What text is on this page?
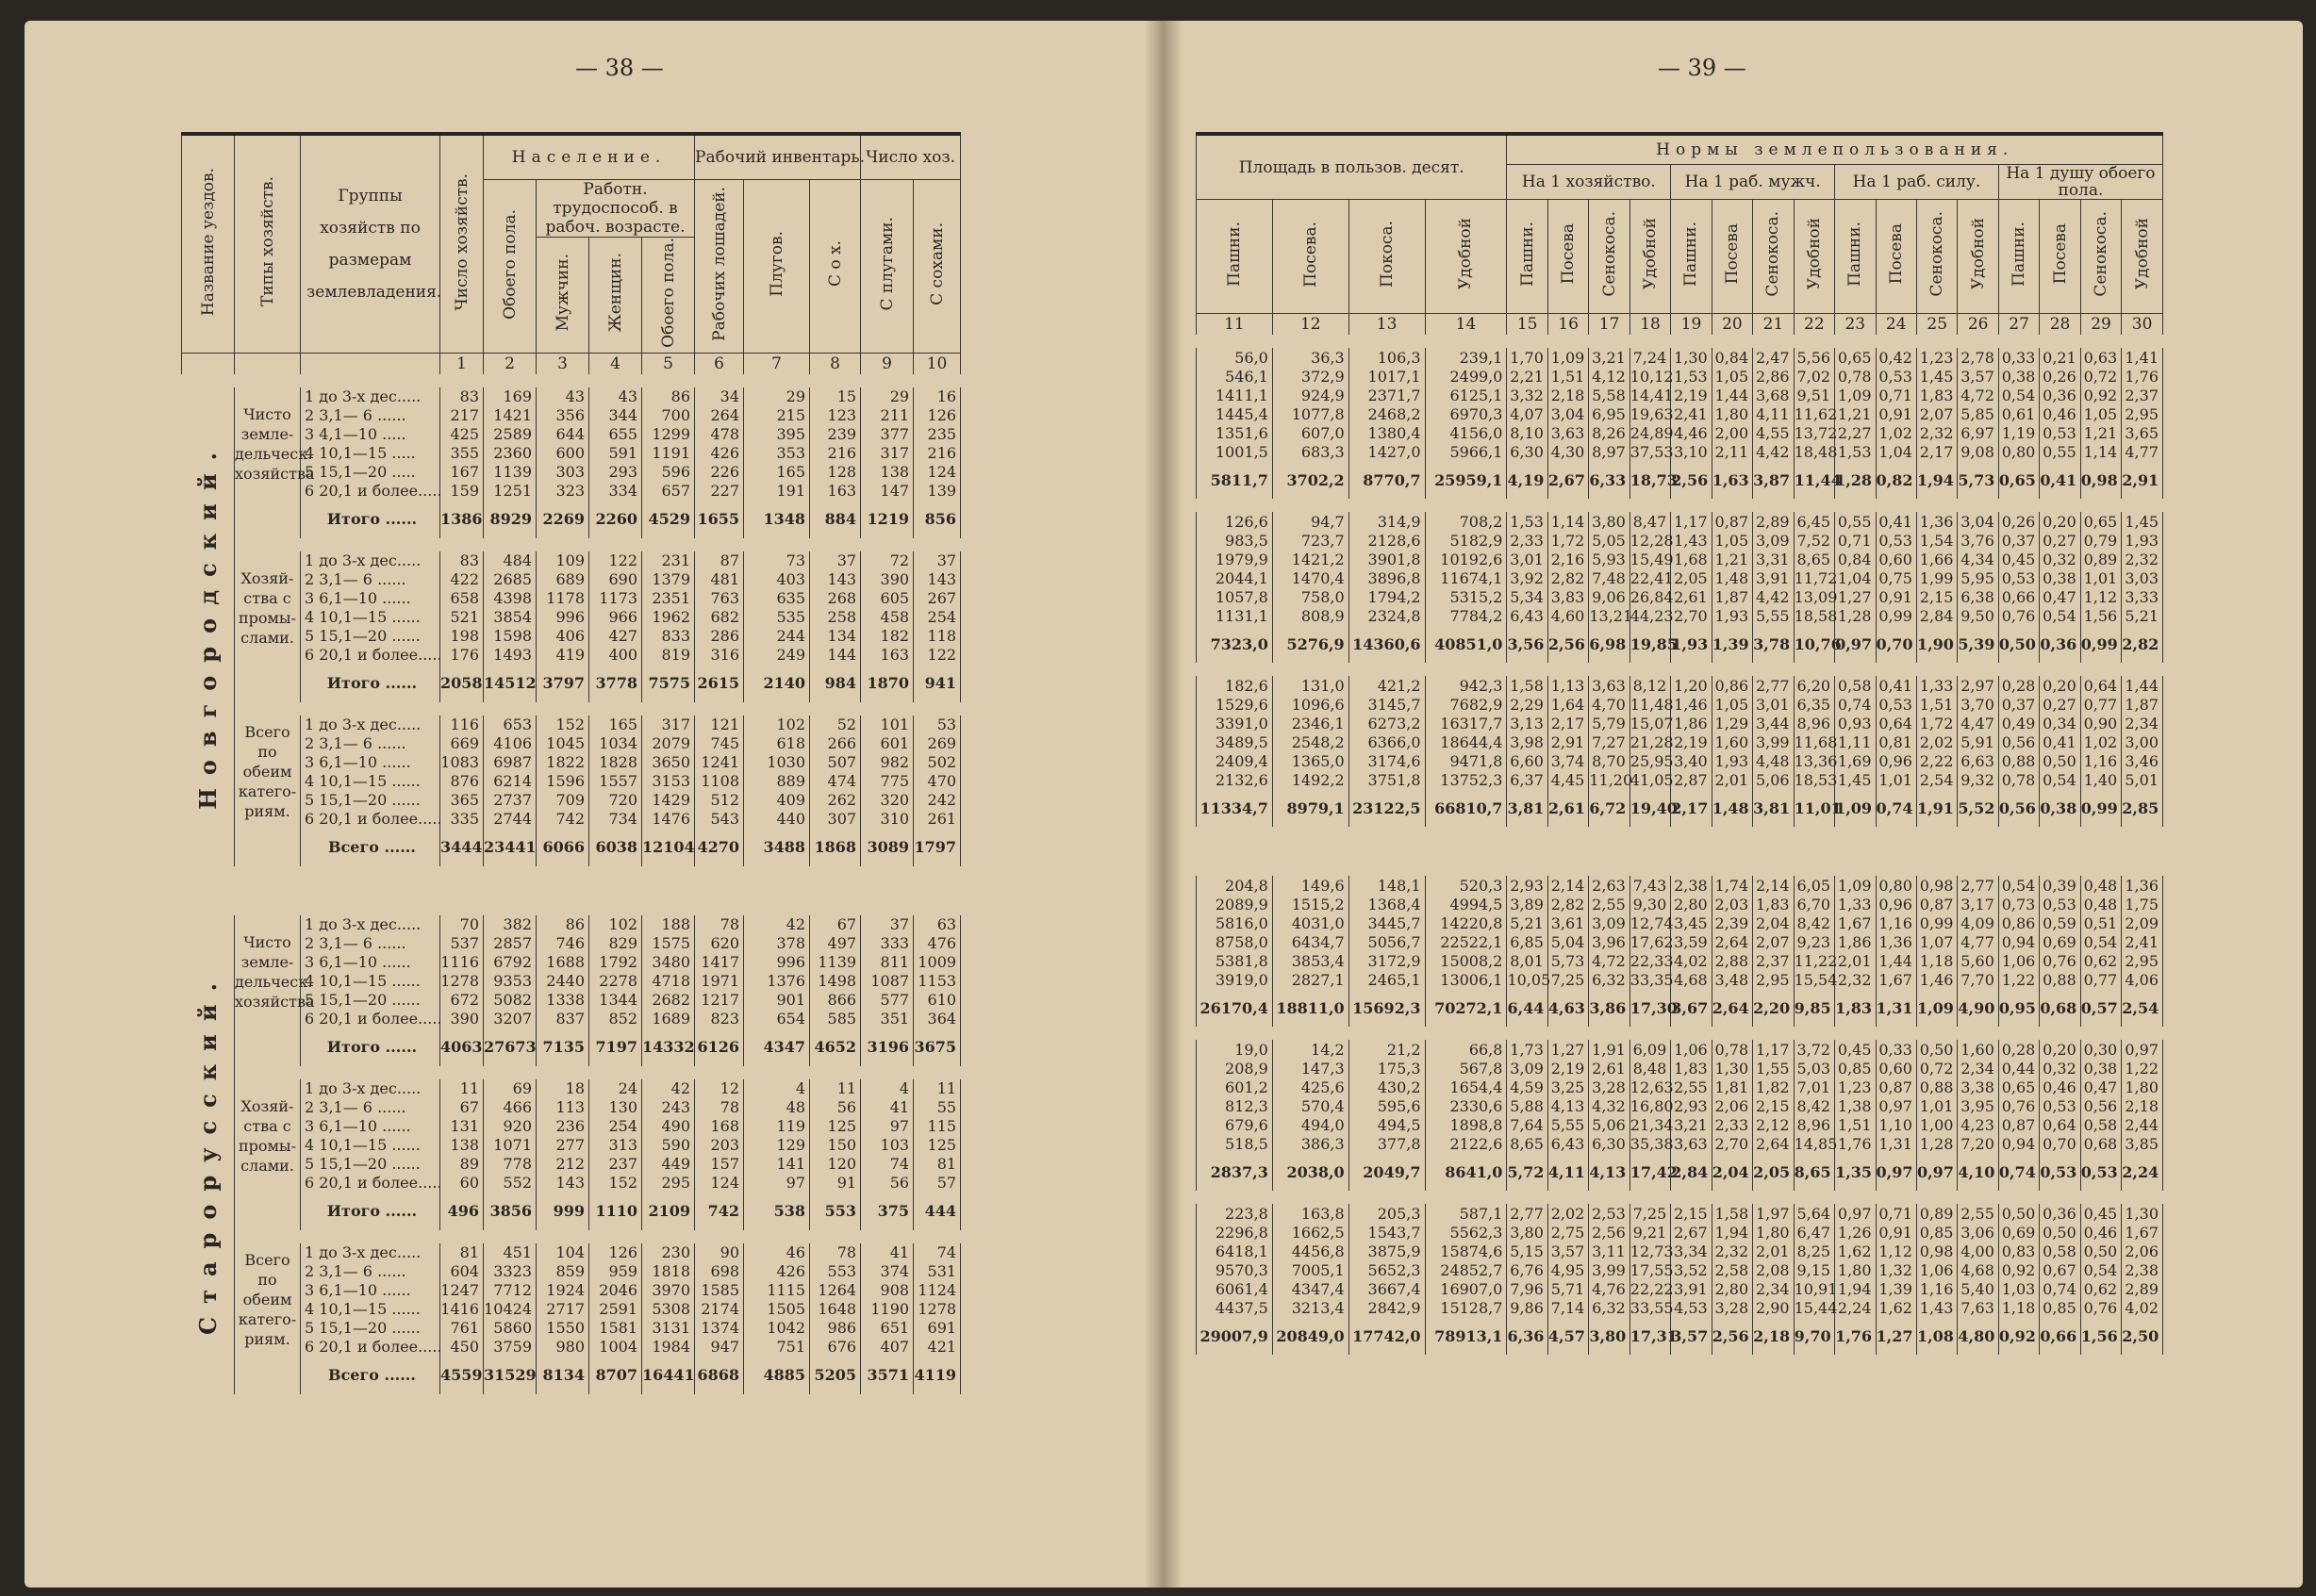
— 38 —	— 39 —
Название уездов.	Типы хозяйств.	Группы хозяйств по размерам землевладения.	Число хозяйств.	Население.				Рабочий инвентарь.			Число хоз.	
				Обоего пола.	Работн. трудоспособ. в рабоч. возрасте.			Рабочих лошадей.	Плугов.	С о х.	С плугами.	С сохами.
					Мужчин.	Женщин.	Обоего пола.					
			1	2	3	4	5	6	7	8	9	10

Новгородский.	Чисто земле-дельческ. хозяйства	1 до 3-х дес.....	83	169	43	43	86	34	29	15	29	16
		2 3,1— 6 ......	217	1421	356	344	700	264	215	123	211	126
		3 4,1—10 .....	425	2589	644	655	1299	478	395	239	377	235
		4 10,1—15 .....	355	2360	600	591	1191	426	353	216	317	216
		5 15,1—20 .....	167	1139	303	293	596	226	165	128	138	124
		6 20,1 и более.....	159	1251	323	334	657	227	191	163	147	139
		Итого ......	1386	8929	2269	2260	4529	1655	1348	884	1219	856

	Хозяй-ства с промы-слами.	1 до 3-х дес.....	83	484	109	122	231	87	73	37	72	37
		2 3,1— 6 ......	422	2685	689	690	1379	481	403	143	390	143
		3 6,1—10 ......	658	4398	1178	1173	2351	763	635	268	605	267
		4 10,1—15 ......	521	3854	996	966	1962	682	535	258	458	254
		5 15,1—20 ......	198	1598	406	427	833	286	244	134	182	118
		6 20,1 и более.....	176	1493	419	400	819	316	249	144	163	122
		Итого ......	2058	14512	3797	3778	7575	2615	2140	984	1870	941

	Всего по обеим катего-риям.	1 до 3-х дес.....	116	653	152	165	317	121	102	52	101	53
		2 3,1— 6 ......	669	4106	1045	1034	2079	745	618	266	601	269
		3 6,1—10 ......	1083	6987	1822	1828	3650	1241	1030	507	982	502
		4 10,1—15 ......	876	6214	1596	1557	3153	1108	889	474	775	470
		5 15,1—20 ......	365	2737	709	720	1429	512	409	262	320	242
		6 20,1 и более.....	335	2744	742	734	1476	543	440	307	310	261
		Всего ......	3444	23441	6066	6038	12104	4270	3488	1868	3089	1797

Старорусский.	Чисто земле-дельческ. хозяйства	1 до 3-х дес.....	70	382	86	102	188	78	42	67	37	63
		2 3,1— 6 ......	537	2857	746	829	1575	620	378	497	333	476
		3 6,1—10 ......	1116	6792	1688	1792	3480	1417	996	1139	811	1009
		4 10,1—15 ......	1278	9353	2440	2278	4718	1971	1376	1498	1087	1153
		5 15,1—20 ......	672	5082	1338	1344	2682	1217	901	866	577	610
		6 20,1 и более.....	390	3207	837	852	1689	823	654	585	351	364
		Итого ......	4063	27673	7135	7197	14332	6126	4347	4652	3196	3675

	Хозяй-ства с промы-слами.	1 до 3-х дес.....	11	69	18	24	42	12	4	11	4	11
		2 3,1— 6 ......	67	466	113	130	243	78	48	56	41	55
		3 6,1—10 ......	131	920	236	254	490	168	119	125	97	115
		4 10,1—15 ......	138	1071	277	313	590	203	129	150	103	125
		5 15,1—20 ......	89	778	212	237	449	157	141	120	74	81
		6 20,1 и более.....	60	552	143	152	295	124	97	91	56	57
		Итого ......	496	3856	999	1110	2109	742	538	553	375	444

	Всего по обеим катего-риям.	1 до 3-х дес.....	81	451	104	126	230	90	46	78	41	74
		2 3,1— 6 ......	604	3323	859	959	1818	698	426	553	374	531
		3 6,1—10 ......	1247	7712	1924	2046	3970	1585	1115	1264	908	1124
		4 10,1—15 ......	1416	10424	2717	2591	5308	2174	1505	1648	1190	1278
		5 15,1—20 ......	761	5860	1550	1581	3131	1374	1042	986	651	691
		6 20,1 и более.....	450	3759	980	1004	1984	947	751	676	407	421
		Всего ......	4559	31529	8134	8707	16441	6868	4885	5205	3571	4119
Площадь в пользов. десят.				Нормы землепользования.															
				На 1 хозяйство.				На 1 раб. мужч.				На 1 раб. силу.				На 1 душу обоего пола.			
Пашни.	Посева.	Покоса.	Удобной	Пашни.	Посева	Сенокоса.	Удобной	Пашни.	Посева	Сенокоса.	Удобной	Пашни.	Посева	Сенокоса.	Удобной	Пашни.	Посева	Сенокоса.	Удобной
11	12	13	14	15	16	17	18	19	20	21	22	23	24	25	26	27	28	29	30

56,0	36,3	106,3	239,1	1,70	1,09	3,21	7,24	1,30	0,84	2,47	5,56	0,65	0,42	1,23	2,78	0,33	0,21	0,63	1,41
546,1	372,9	1017,1	2499,0	2,21	1,51	4,12	10,12	1,53	1,05	2,86	7,02	0,78	0,53	1,45	3,57	0,38	0,26	0,72	1,76
1411,1	924,9	2371,7	6125,1	3,32	2,18	5,58	14,41	2,19	1,44	3,68	9,51	1,09	0,71	1,83	4,72	0,54	0,36	0,92	2,37
1445,4	1077,8	2468,2	6970,3	4,07	3,04	6,95	19,63	2,41	1,80	4,11	11,62	1,21	0,91	2,07	5,85	0,61	0,46	1,05	2,95
1351,6	607,0	1380,4	4156,0	8,10	3,63	8,26	24,89	4,46	2,00	4,55	13,72	2,27	1,02	2,32	6,97	1,19	0,53	1,21	3,65
1001,5	683,3	1427,0	5966,1	6,30	4,30	8,97	37,53	3,10	2,11	4,42	18,48	1,53	1,04	2,17	9,08	0,80	0,55	1,14	4,77
5811,7	3702,2	8770,7	25959,1	4,19	2,67	6,33	18,73	2,56	1,63	3,87	11,44	1,28	0,82	1,94	5,73	0,65	0,41	0,98	2,91

126,6	94,7	314,9	708,2	1,53	1,14	3,80	8,47	1,17	0,87	2,89	6,45	0,55	0,41	1,36	3,04	0,26	0,20	0,65	1,45
983,5	723,7	2128,6	5182,9	2,33	1,72	5,05	12,28	1,43	1,05	3,09	7,52	0,71	0,53	1,54	3,76	0,37	0,27	0,79	1,93
1979,9	1421,2	3901,8	10192,6	3,01	2,16	5,93	15,49	1,68	1,21	3,31	8,65	0,84	0,60	1,66	4,34	0,45	0,32	0,89	2,32
2044,1	1470,4	3896,8	11674,1	3,92	2,82	7,48	22,41	2,05	1,48	3,91	11,72	1,04	0,75	1,99	5,95	0,53	0,38	1,01	3,03
1057,8	758,0	1794,2	5315,2	5,34	3,83	9,06	26,84	2,61	1,87	4,42	13,09	1,27	0,91	2,15	6,38	0,66	0,47	1,12	3,33
1131,1	808,9	2324,8	7784,2	6,43	4,60	13,21	44,23	2,70	1,93	5,55	18,58	1,28	0,99	2,84	9,50	0,76	0,54	1,56	5,21
7323,0	5276,9	14360,6	40851,0	3,56	2,56	6,98	19,85	1,93	1,39	3,78	10,76	0,97	0,70	1,90	5,39	0,50	0,36	0,99	2,82

182,6	131,0	421,2	942,3	1,58	1,13	3,63	8,12	1,20	0,86	2,77	6,20	0,58	0,41	1,33	2,97	0,28	0,20	0,64	1,44
1529,6	1096,6	3145,7	7682,9	2,29	1,64	4,70	11,48	1,46	1,05	3,01	6,35	0,74	0,53	1,51	3,70	0,37	0,27	0,77	1,87
3391,0	2346,1	6273,2	16317,7	3,13	2,17	5,79	15,07	1,86	1,29	3,44	8,96	0,93	0,64	1,72	4,47	0,49	0,34	0,90	2,34
3489,5	2548,2	6366,0	18644,4	3,98	2,91	7,27	21,28	2,19	1,60	3,99	11,68	1,11	0,81	2,02	5,91	0,56	0,41	1,02	3,00
2409,4	1365,0	3174,6	9471,8	6,60	3,74	8,70	25,95	3,40	1,93	4,48	13,36	1,69	0,96	2,22	6,63	0,88	0,50	1,16	3,46
2132,6	1492,2	3751,8	13752,3	6,37	4,45	11,20	41,05	2,87	2,01	5,06	18,53	1,45	1,01	2,54	9,32	0,78	0,54	1,40	5,01
11334,7	8979,1	23122,5	66810,7	3,81	2,61	6,72	19,40	2,17	1,48	3,81	11,01	1,09	0,74	1,91	5,52	0,56	0,38	0,99	2,85

204,8	149,6	148,1	520,3	2,93	2,14	2,63	7,43	2,38	1,74	2,14	6,05	1,09	0,80	0,98	2,77	0,54	0,39	0,48	1,36
2089,9	1515,2	1368,4	4994,5	3,89	2,82	2,55	9,30	2,80	2,03	1,83	6,70	1,33	0,96	0,87	3,17	0,73	0,53	0,48	1,75
5816,0	4031,0	3445,7	14220,8	5,21	3,61	3,09	12,74	3,45	2,39	2,04	8,42	1,67	1,16	0,99	4,09	0,86	0,59	0,51	2,09
8758,0	6434,7	5056,7	22522,1	6,85	5,04	3,96	17,62	3,59	2,64	2,07	9,23	1,86	1,36	1,07	4,77	0,94	0,69	0,54	2,41
5381,8	3853,4	3172,9	15008,2	8,01	5,73	4,72	22,33	4,02	2,88	2,37	11,22	2,01	1,44	1,18	5,60	1,06	0,76	0,62	2,95
3919,0	2827,1	2465,1	13006,1	10,05	7,25	6,32	33,35	4,68	3,48	2,95	15,54	2,32	1,67	1,46	7,70	1,22	0,88	0,77	4,06
26170,4	18811,0	15692,3	70272,1	6,44	4,63	3,86	17,30	3,67	2,64	2,20	9,85	1,83	1,31	1,09	4,90	0,95	0,68	0,57	2,54

19,0	14,2	21,2	66,8	1,73	1,27	1,91	6,09	1,06	0,78	1,17	3,72	0,45	0,33	0,50	1,60	0,28	0,20	0,30	0,97
208,9	147,3	175,3	567,8	3,09	2,19	2,61	8,48	1,83	1,30	1,55	5,03	0,85	0,60	0,72	2,34	0,44	0,32	0,38	1,22
601,2	425,6	430,2	1654,4	4,59	3,25	3,28	12,63	2,55	1,81	1,82	7,01	1,23	0,87	0,88	3,38	0,65	0,46	0,47	1,80
812,3	570,4	595,6	2330,6	5,88	4,13	4,32	16,80	2,93	2,06	2,15	8,42	1,38	0,97	1,01	3,95	0,76	0,53	0,56	2,18
679,6	494,0	494,5	1898,8	7,64	5,55	5,06	21,34	3,21	2,33	2,12	8,96	1,51	1,10	1,00	4,23	0,87	0,64	0,58	2,44
518,5	386,3	377,8	2122,6	8,65	6,43	6,30	35,38	3,63	2,70	2,64	14,85	1,76	1,31	1,28	7,20	0,94	0,70	0,68	3,85
2837,3	2038,0	2049,7	8641,0	5,72	4,11	4,13	17,42	2,84	2,04	2,05	8,65	1,35	0,97	0,97	4,10	0,74	0,53	0,53	2,24

223,8	163,8	205,3	587,1	2,77	2,02	2,53	7,25	2,15	1,58	1,97	5,64	0,97	0,71	0,89	2,55	0,50	0,36	0,45	1,30
2296,8	1662,5	1543,7	5562,3	3,80	2,75	2,56	9,21	2,67	1,94	1,80	6,47	1,26	0,91	0,85	3,06	0,69	0,50	0,46	1,67
6418,1	4456,8	3875,9	15874,6	5,15	3,57	3,11	12,73	3,34	2,32	2,01	8,25	1,62	1,12	0,98	4,00	0,83	0,58	0,50	2,06
9570,3	7005,1	5652,3	24852,7	6,76	4,95	3,99	17,55	3,52	2,58	2,08	9,15	1,80	1,32	1,06	4,68	0,92	0,67	0,54	2,38
6061,4	4347,4	3667,4	16907,0	7,96	5,71	4,76	22,22	3,91	2,80	2,34	10,91	1,94	1,39	1,16	5,40	1,03	0,74	0,62	2,89
4437,5	3213,4	2842,9	15128,7	9,86	7,14	6,32	33,55	4,53	3,28	2,90	15,44	2,24	1,62	1,43	7,63	1,18	0,85	0,76	4,02
29007,9	20849,0	17742,0	78913,1	6,36	4,57	3,80	17,31	3,57	2,56	2,18	9,70	1,76	1,27	1,08	4,80	0,92	0,66	1,56	2,50
